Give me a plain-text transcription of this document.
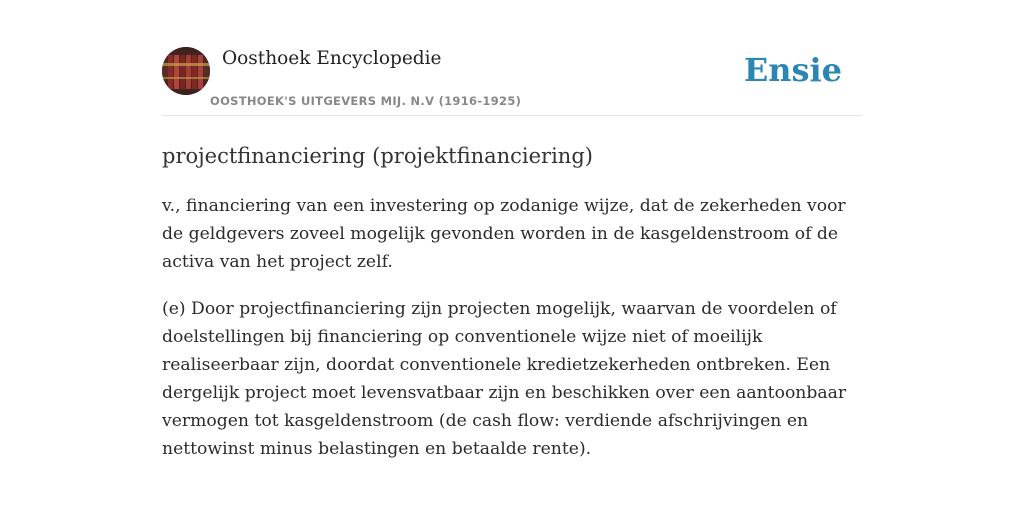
Oosthoek Encyclopedie
OOSTHOEK'S UITGEVERS MIJ. N.V (1916-1925)
Ensie
projectfinanciering (projektfinanciering)
v., financiering van een investering op zodanige wijze, dat de zekerheden voor de geldgevers zoveel mogelijk gevonden worden in de kasgeldenstroom of de activa van het project zelf.
(e) Door projectfinanciering zijn projecten mogelijk, waarvan de voordelen of doelstellingen bij financiering op conventionele wijze niet of moeilijk realiseerbaar zijn, doordat conventionele kredietzekerheden ontbreken. Een dergelijk project moet levensvatbaar zijn en beschikken over een aantoonbaar vermogen tot kasgeldenstroom (de cash flow: verdiende afschrijvingen en nettowinst minus belastingen en betaalde rente).
